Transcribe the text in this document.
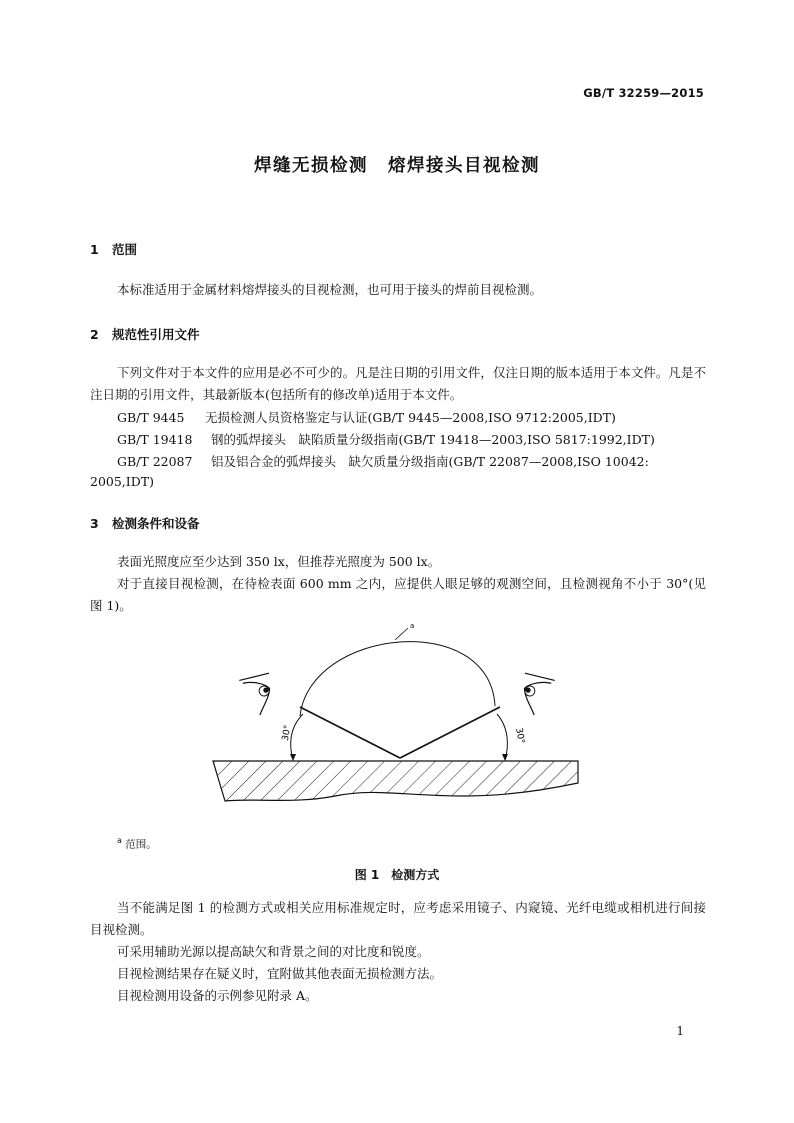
GB/T 32259—2015
焊缝无损检测 熔焊接头目视检测
1 范围
本标准适用于金属材料熔焊接头的目视检测，也可用于接头的焊前目视检测。
2 规范性引用文件
下列文件对于本文件的应用是必不可少的。凡是注日期的引用文件，仅注日期的版本适用于本文件。凡是不注日期的引用文件，其最新版本(包括所有的修改单)适用于本文件。
GB/T 9445 无损检测人员资格鉴定与认证(GB/T 9445—2008,ISO 9712:2005,IDT)
GB/T 19418 钢的弧焊接头　缺陷质量分级指南(GB/T 19418—2003,ISO 5817:1992,IDT)
GB/T 22087 铝及铝合金的弧焊接头　缺欠质量分级指南(GB/T 22087—2008,ISO 10042:
2005,IDT)
3 检测条件和设备
表面光照度应至少达到 350 lx，但推荐光照度为 500 lx。
对于直接目视检测，在待检表面 600 mm 之内，应提供人眼足够的观测空间，且检测视角不小于 30°(见图 1)。
a
30°	30°
$^a$ 范围。
图 1 检测方式
当不能满足图 1 的检测方式或相关应用标准规定时，应考虑采用镜子、内窥镜、光纤电缆或相机进行间接目视检测。
可采用辅助光源以提高缺欠和背景之间的对比度和锐度。
目视检测结果存在疑义时，宜附做其他表面无损检测方法。
目视检测用设备的示例参见附录 A。
1
